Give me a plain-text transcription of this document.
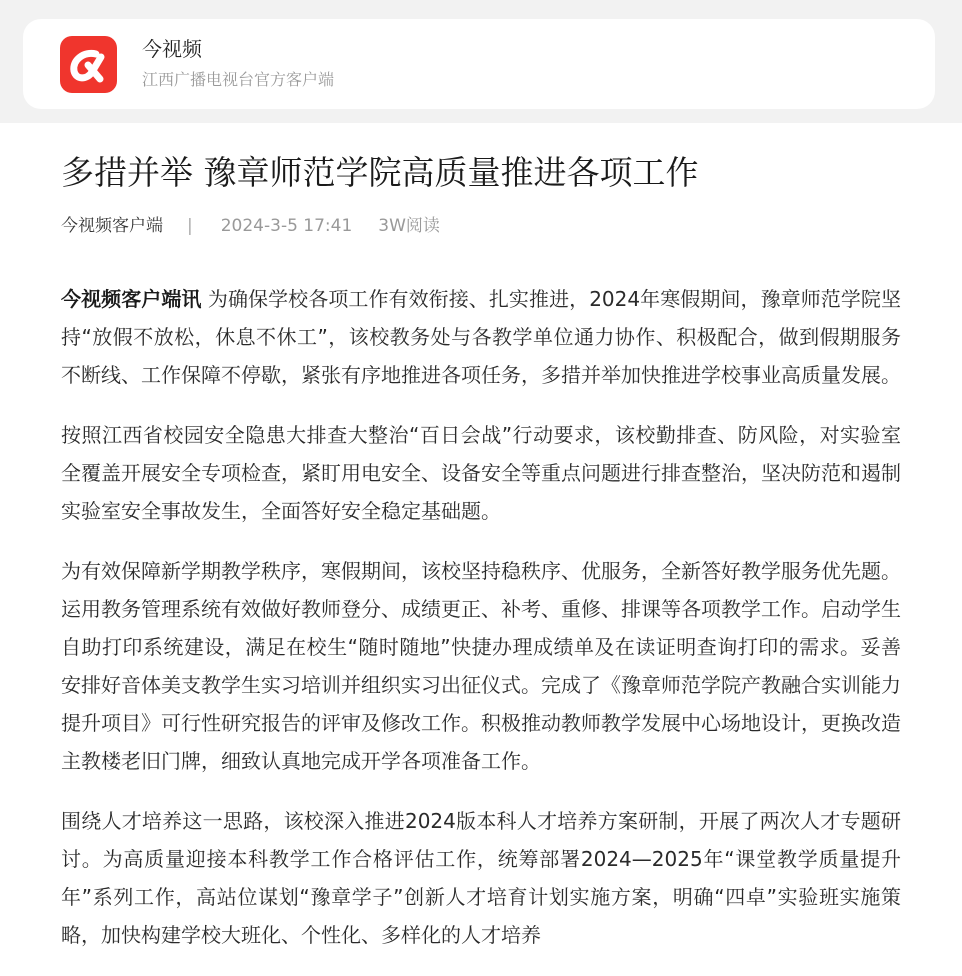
今视频
江西广播电视台官方客户端
多措并举 豫章师范学院高质量推进各项工作
今视频客户端 | 2024-3-5 17:41 3W阅读

今视频客户端讯 为确保学校各项工作有效衔接、扎实推进，2024年寒假期间，豫章师范学院坚持“放假不放松，休息不休工”，该校教务处与各教学单位通力协作、积极配合，做到假期服务不断线、工作保障不停歇，紧张有序地推进各项任务，多措并举加快推进学校事业高质量发展。

按照江西省校园安全隐患大排查大整治“百日会战”行动要求，该校勤排查、防风险，对实验室全覆盖开展安全专项检查，紧盯用电安全、设备安全等重点问题进行排查整治，坚决防范和遏制实验室安全事故发生，全面答好安全稳定基础题。

为有效保障新学期教学秩序，寒假期间，该校坚持稳秩序、优服务，全新答好教学服务优先题。运用教务管理系统有效做好教师登分、成绩更正、补考、重修、排课等各项教学工作。启动学生自助打印系统建设，满足在校生“随时随地”快捷办理成绩单及在读证明查询打印的需求。妥善安排好音体美支教学生实习培训并组织实习出征仪式。完成了《豫章师范学院产教融合实训能力提升项目》可行性研究报告的评审及修改工作。积极推动教师教学发展中心场地设计，更换改造主教楼老旧门牌，细致认真地完成开学各项准备工作。

围绕人才培养这一思路，该校深入推进2024版本科人才培养方案研制，开展了两次人才专题研讨。为高质量迎接本科教学工作合格评估工作，统筹部署2024—2025年“课堂教学质量提升年”系列工作，高站位谋划“豫章学子”创新人才培育计划实施方案，明确“四卓”实验班实施策略，加快构建学校大班化、个性化、多样化的人才培养
